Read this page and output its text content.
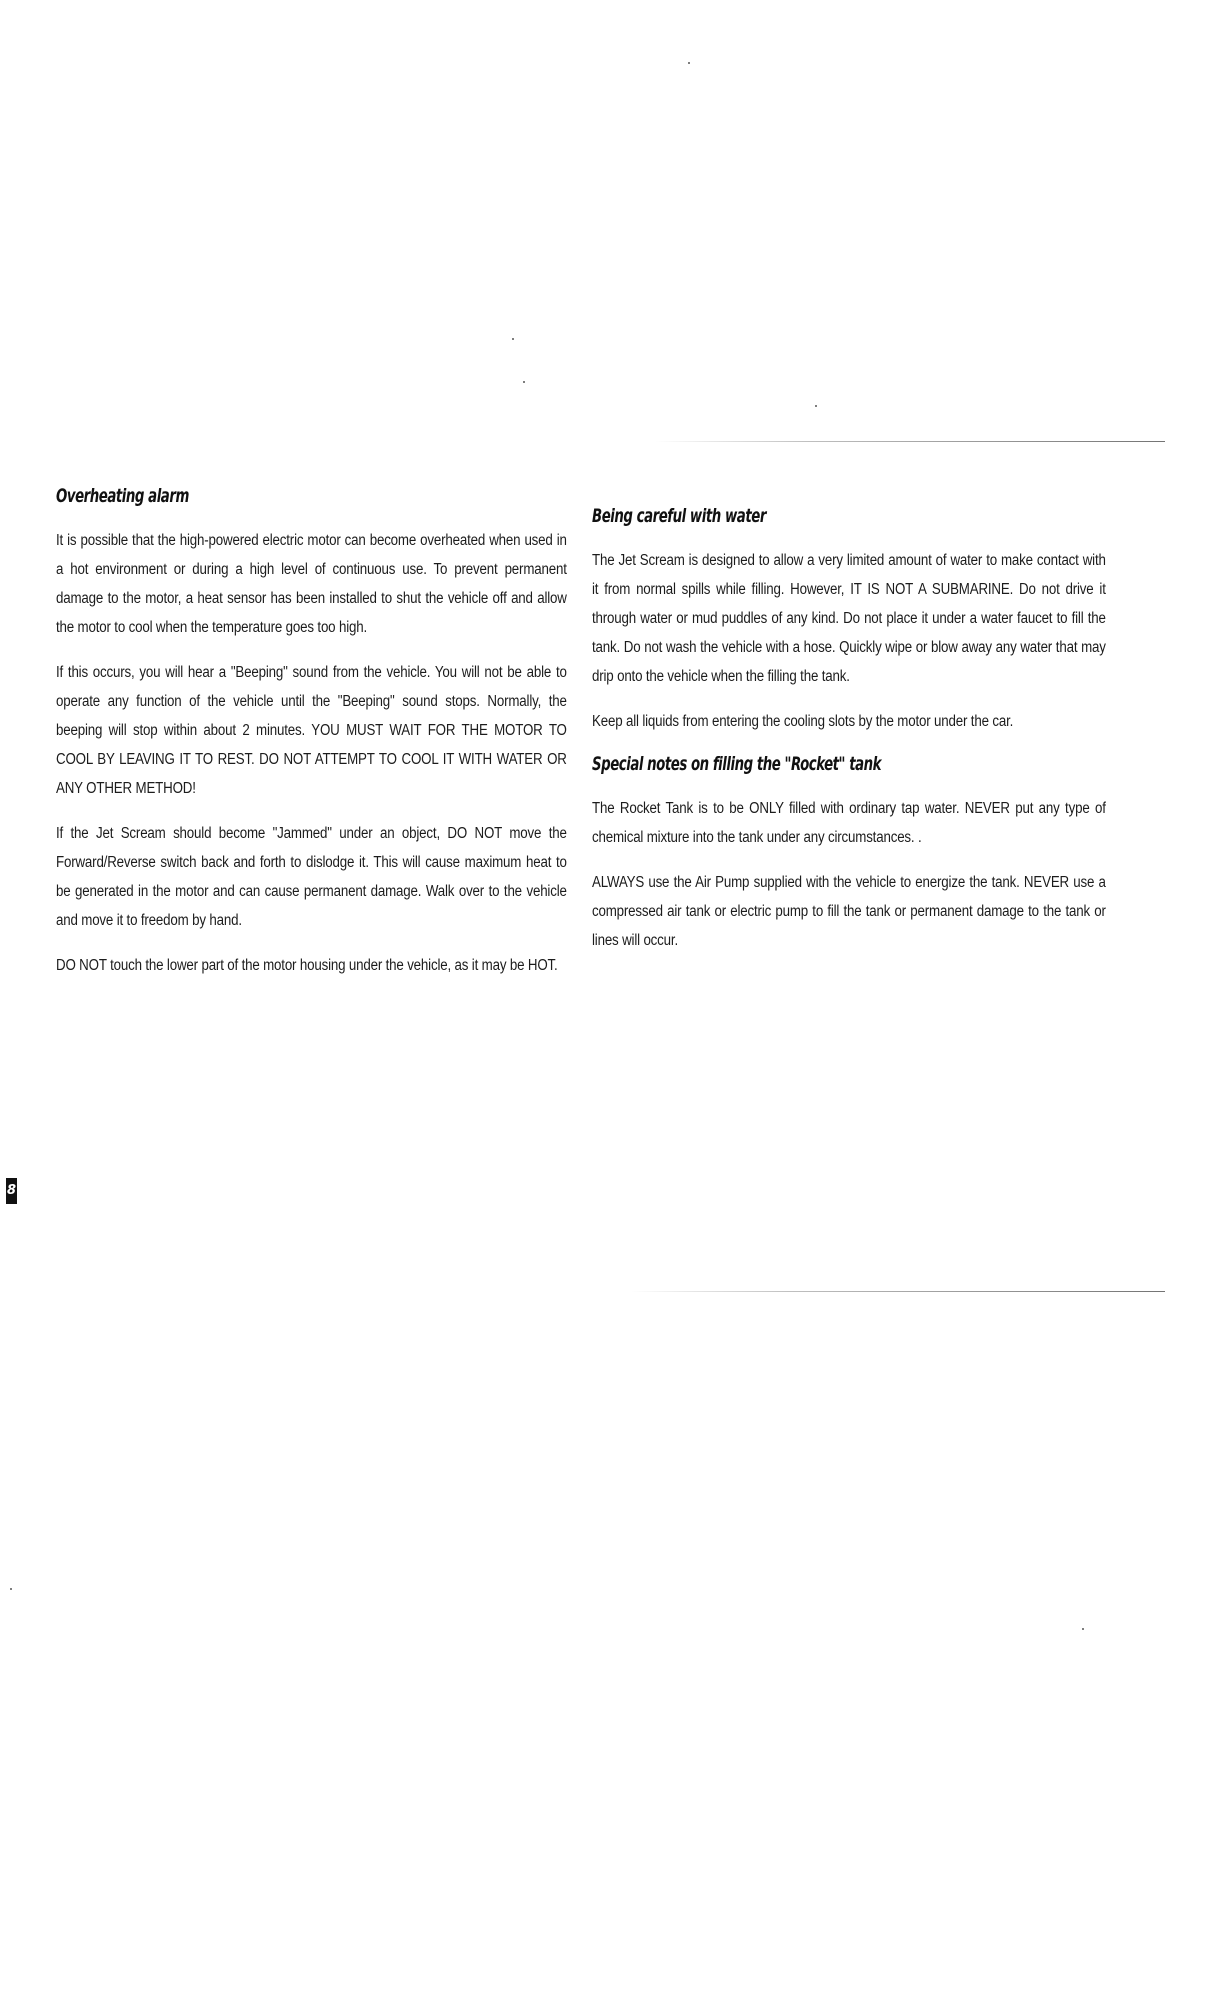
Overheating alarm

It is possible that the high-powered electric motor can become overheated when used in a hot environment or during a high level of continuous use. To prevent permanent damage to the motor, a heat sensor has been installed to shut the vehicle off and allow the motor to cool when the temperature goes too high.

If this occurs, you will hear a "Beeping" sound from the vehicle. You will not be able to operate any function of the vehicle until the "Beeping" sound stops. Normally, the beeping will stop within about 2 minutes. YOU MUST WAIT FOR THE MOTOR TO COOL BY LEAVING IT TO REST. DO NOT ATTEMPT TO COOL IT WITH WATER OR ANY OTHER METHOD!

If the Jet Scream should become "Jammed" under an object, DO NOT move the Forward/Reverse switch back and forth to dislodge it. This will cause maximum heat to be generated in the motor and can cause permanent damage. Walk over to the vehicle and move it to freedom by hand.

DO NOT touch the lower part of the motor housing under the vehicle, as it may be HOT.

Being careful with water

The Jet Scream is designed to allow a very limited amount of water to make contact with it from normal spills while filling. However, IT IS NOT A SUBMARINE. Do not drive it through water or mud puddles of any kind. Do not place it under a water faucet to fill the tank. Do not wash the vehicle with a hose. Quickly wipe or blow away any water that may drip onto the vehicle when the filling the tank.

Keep all liquids from entering the cooling slots by the motor under the car.

Special notes on filling the "Rocket" tank

The Rocket Tank is to be ONLY filled with ordinary tap water. NEVER put any type of chemical mixture into the tank under any circumstances. .

ALWAYS use the Air Pump supplied with the vehicle to energize the tank. NEVER use a compressed air tank or electric pump to fill the tank or permanent damage to the tank or lines will occur.

8
